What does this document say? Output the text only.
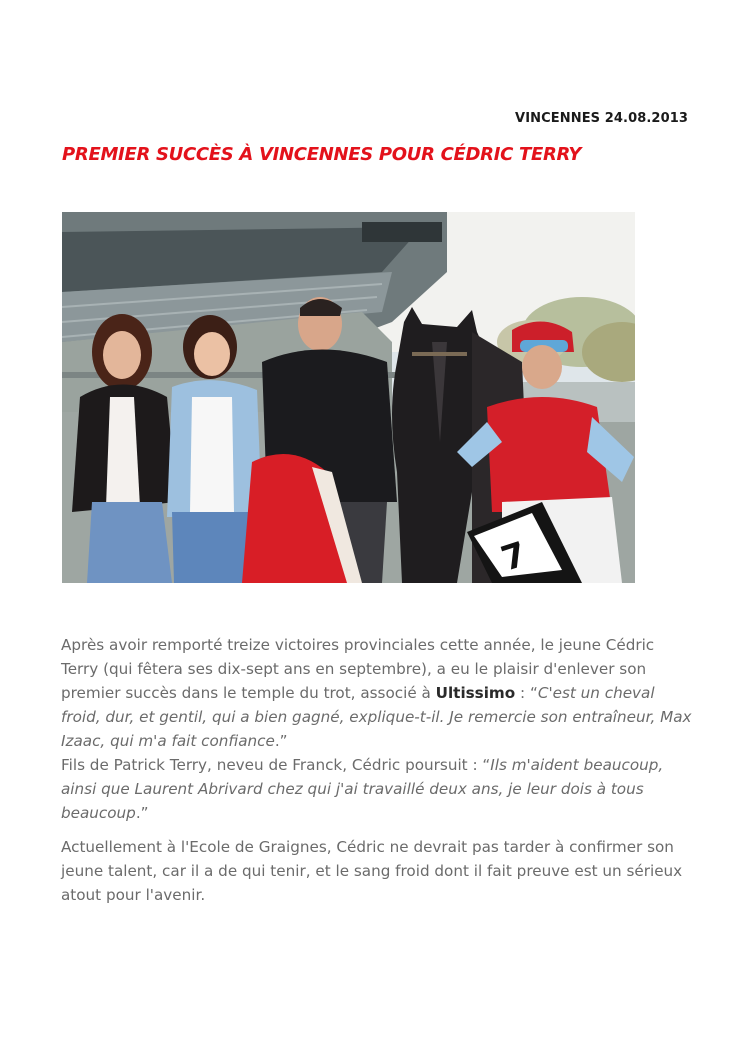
VINCENNES 24.08.2013
PREMIER SUCCÈS À VINCENNES POUR CÉDRIC TERRY
7

Après avoir remporté treize victoires provinciales cette année, le jeune Cédric Terry (qui fêtera ses dix-sept ans en septembre), a eu le plaisir d'enlever son premier succès dans le temple du trot, associé à Ultissimo : “C'est un cheval froid, dur, et gentil, qui a bien gagné, explique-t-il. Je remercie son entraîneur, Max Izaac, qui m'a fait confiance.”
Fils de Patrick Terry, neveu de Franck, Cédric poursuit : “Ils m'aident beaucoup, ainsi que Laurent Abrivard chez qui j'ai travaillé deux ans, je leur dois à tous beaucoup.”

Actuellement à l'Ecole de Graignes, Cédric ne devrait pas tarder à confirmer son jeune talent, car il a de qui tenir, et le sang froid dont il fait preuve est un sérieux atout pour l'avenir.
